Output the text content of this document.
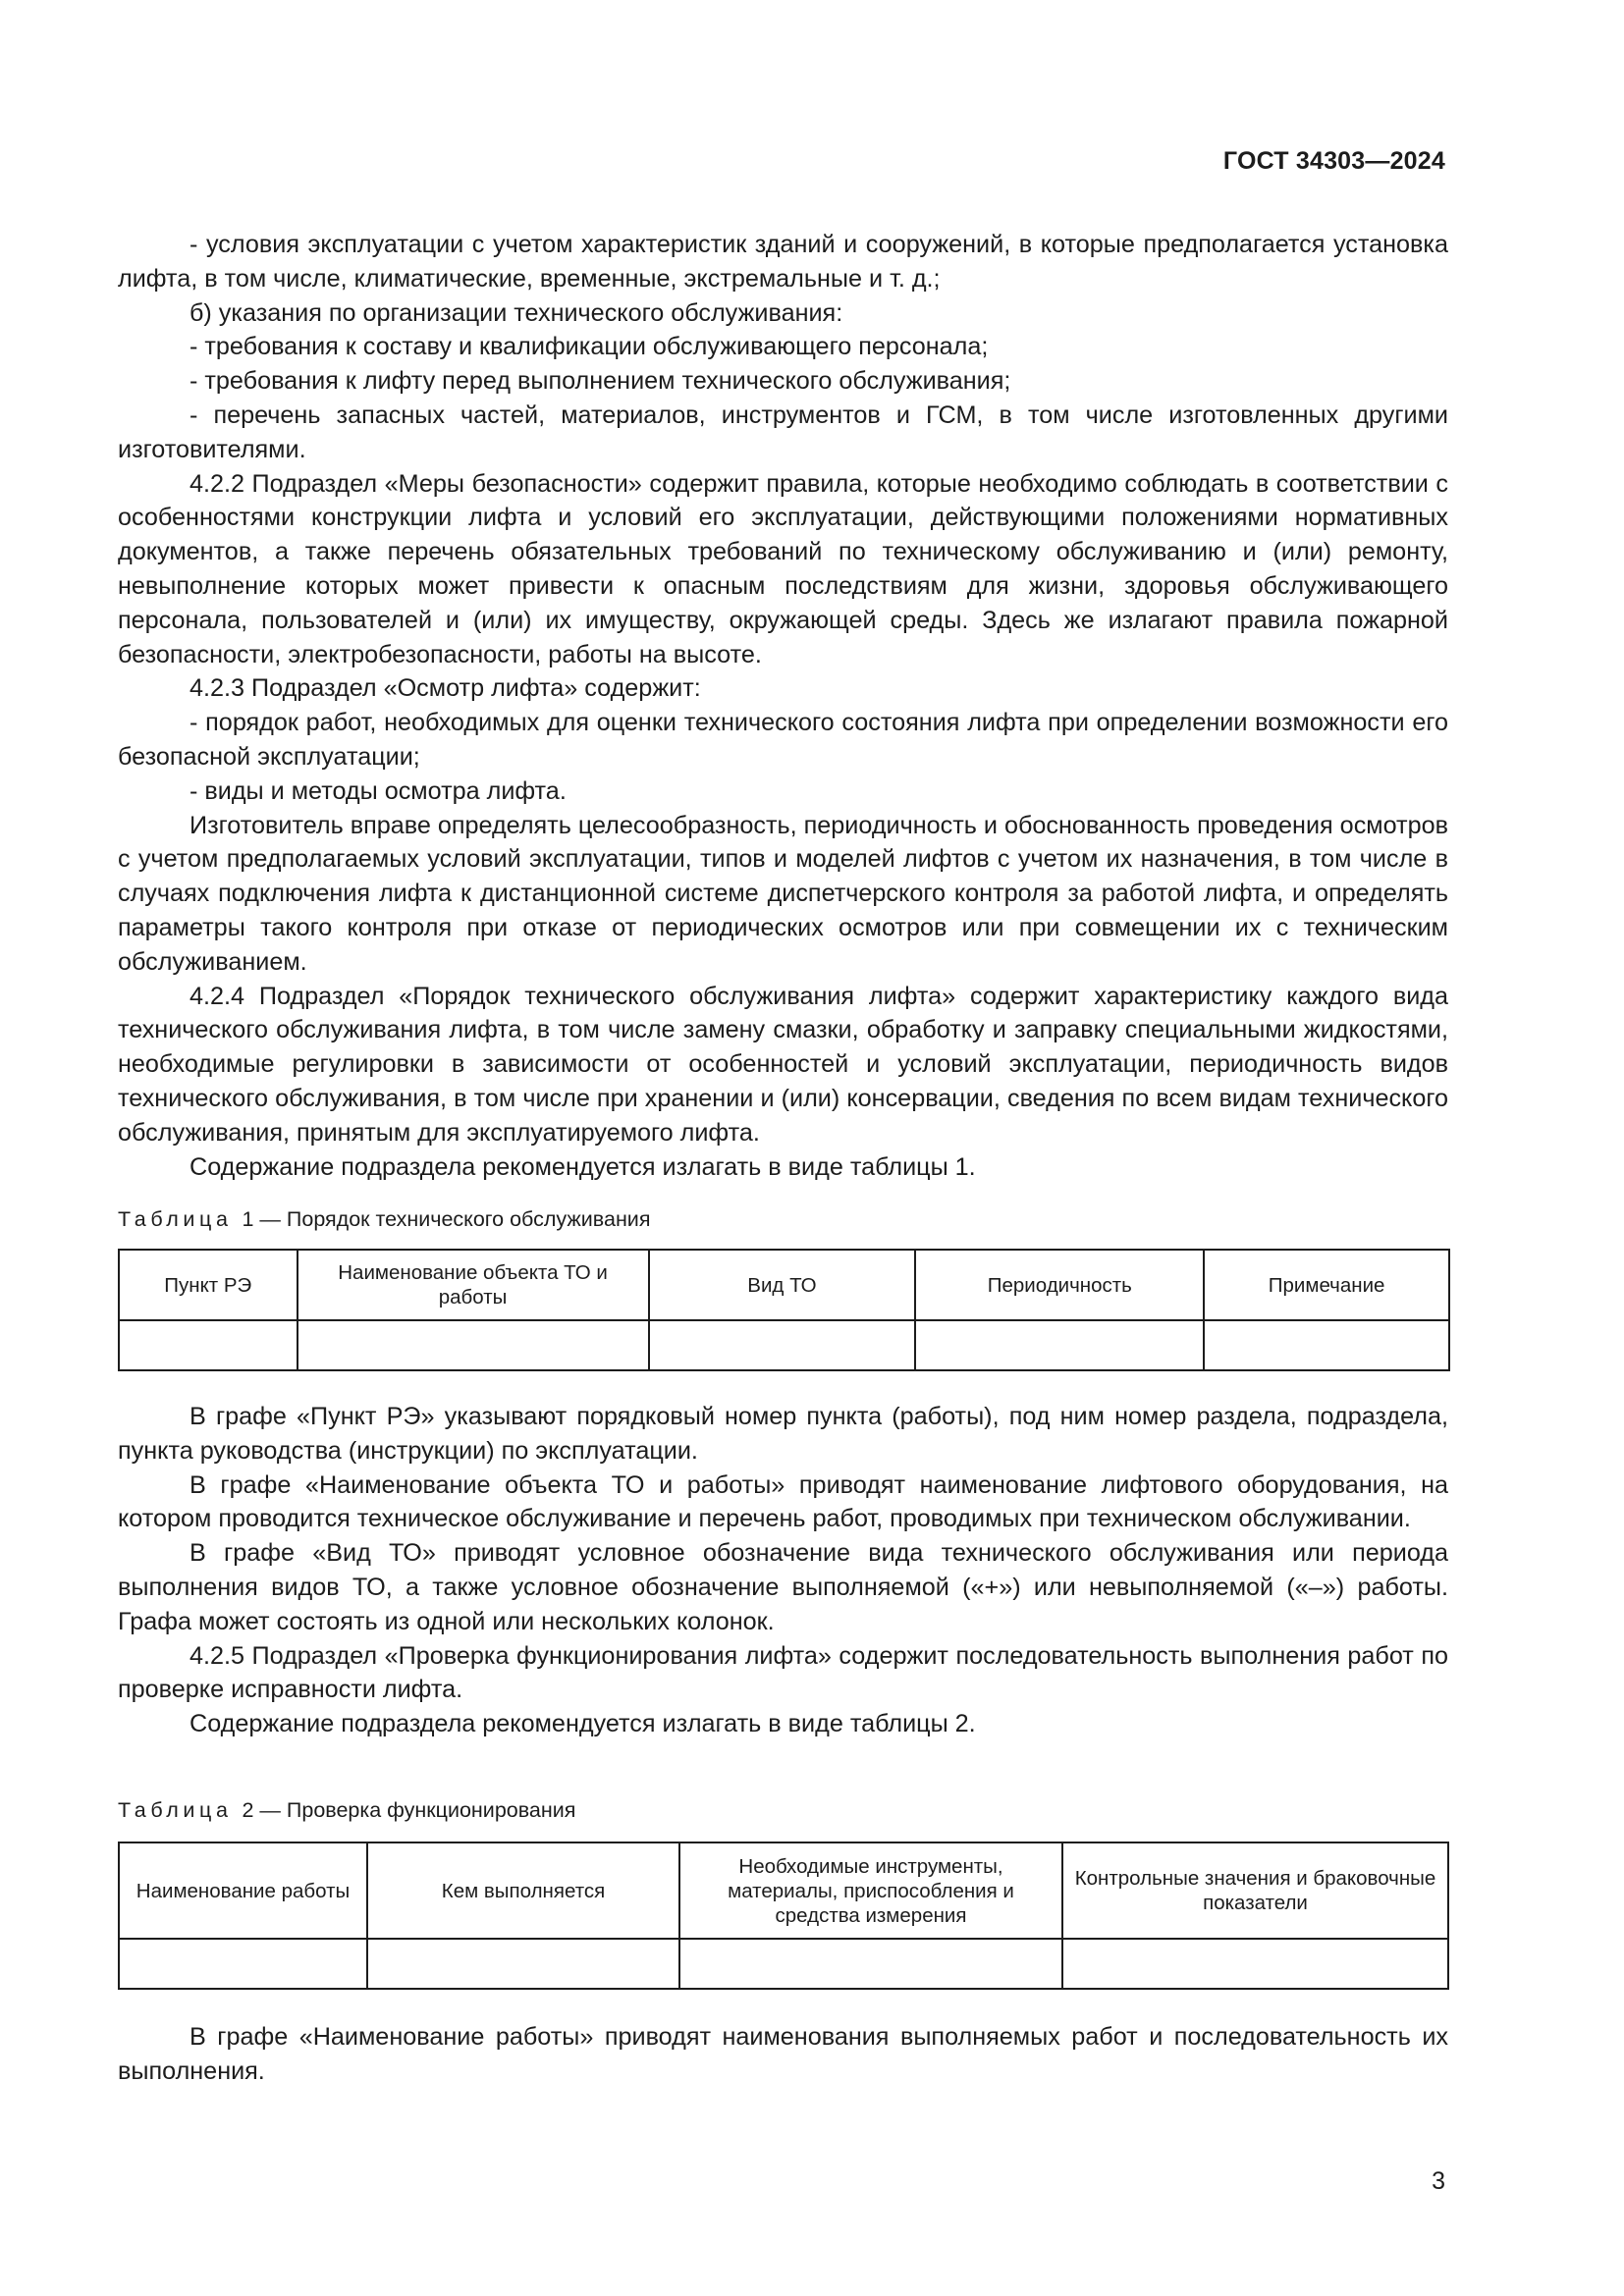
ГОСТ 34303—2024

- условия эксплуатации с учетом характеристик зданий и сооружений, в которые предполагается установка лифта, в том числе, климатические, временные, экстремальные и т. д.;

б) указания по организации технического обслуживания:

- требования к составу и квалификации обслуживающего персонала;

- требования к лифту перед выполнением технического обслуживания;

- перечень запасных частей, материалов, инструментов и ГСМ, в том числе изготовленных другими изготовителями.

4.2.2 Подраздел «Меры безопасности» содержит правила, которые необходимо соблюдать в соответствии с особенностями конструкции лифта и условий его эксплуатации, действующими положениями нормативных документов, а также перечень обязательных требований по техническому обслуживанию и (или) ремонту, невыполнение которых может привести к опасным последствиям для жизни, здоровья обслуживающего персонала, пользователей и (или) их имуществу, окружающей среды. Здесь же излагают правила пожарной безопасности, электробезопасности, работы на высоте.

4.2.3 Подраздел «Осмотр лифта» содержит:

- порядок работ, необходимых для оценки технического состояния лифта при определении возможности его безопасной эксплуатации;

- виды и методы осмотра лифта.

Изготовитель вправе определять целесообразность, периодичность и обоснованность проведения осмотров с учетом предполагаемых условий эксплуатации, типов и моделей лифтов с учетом их назначения, в том числе в случаях подключения лифта к дистанционной системе диспетчерского контроля за работой лифта, и определять параметры такого контроля при отказе от периодических осмотров или при совмещении их с техническим обслуживанием.

4.2.4 Подраздел «Порядок технического обслуживания лифта» содержит характеристику каждого вида технического обслуживания лифта, в том числе замену смазки, обработку и заправку специальными жидкостями, необходимые регулировки в зависимости от особенностей и условий эксплуатации, периодичность видов технического обслуживания, в том числе при хранении и (или) консервации, сведения по всем видам технического обслуживания, принятым для эксплуатируемого лифта.

Содержание подраздела рекомендуется излагать в виде таблицы 1.

Таблица 1 — Порядок технического обслуживания
Пункт РЭ	Наименование объекта ТО и работы	Вид ТО	Периодичность	Примечание

В графе «Пункт РЭ» указывают порядковый номер пункта (работы), под ним номер раздела, подраздела, пункта руководства (инструкции) по эксплуатации.

В графе «Наименование объекта ТО и работы» приводят наименование лифтового оборудования, на котором проводится техническое обслуживание и перечень работ, проводимых при техническом обслуживании.

В графе «Вид ТО» приводят условное обозначение вида технического обслуживания или периода выполнения видов ТО, а также условное обозначение выполняемой («+») или невыполняемой («–») работы. Графа может состоять из одной или нескольких колонок.

4.2.5 Подраздел «Проверка функционирования лифта» содержит последовательность выполнения работ по проверке исправности лифта.

Содержание подраздела рекомендуется излагать в виде таблицы 2.

Таблица 2 — Проверка функционирования
Наименование работы	Кем выполняется	Необходимые инструменты, материалы, приспособления и средства измерения	Контрольные значения и браковочные показатели

В графе «Наименование работы» приводят наименования выполняемых работ и последовательность их выполнения.

3
